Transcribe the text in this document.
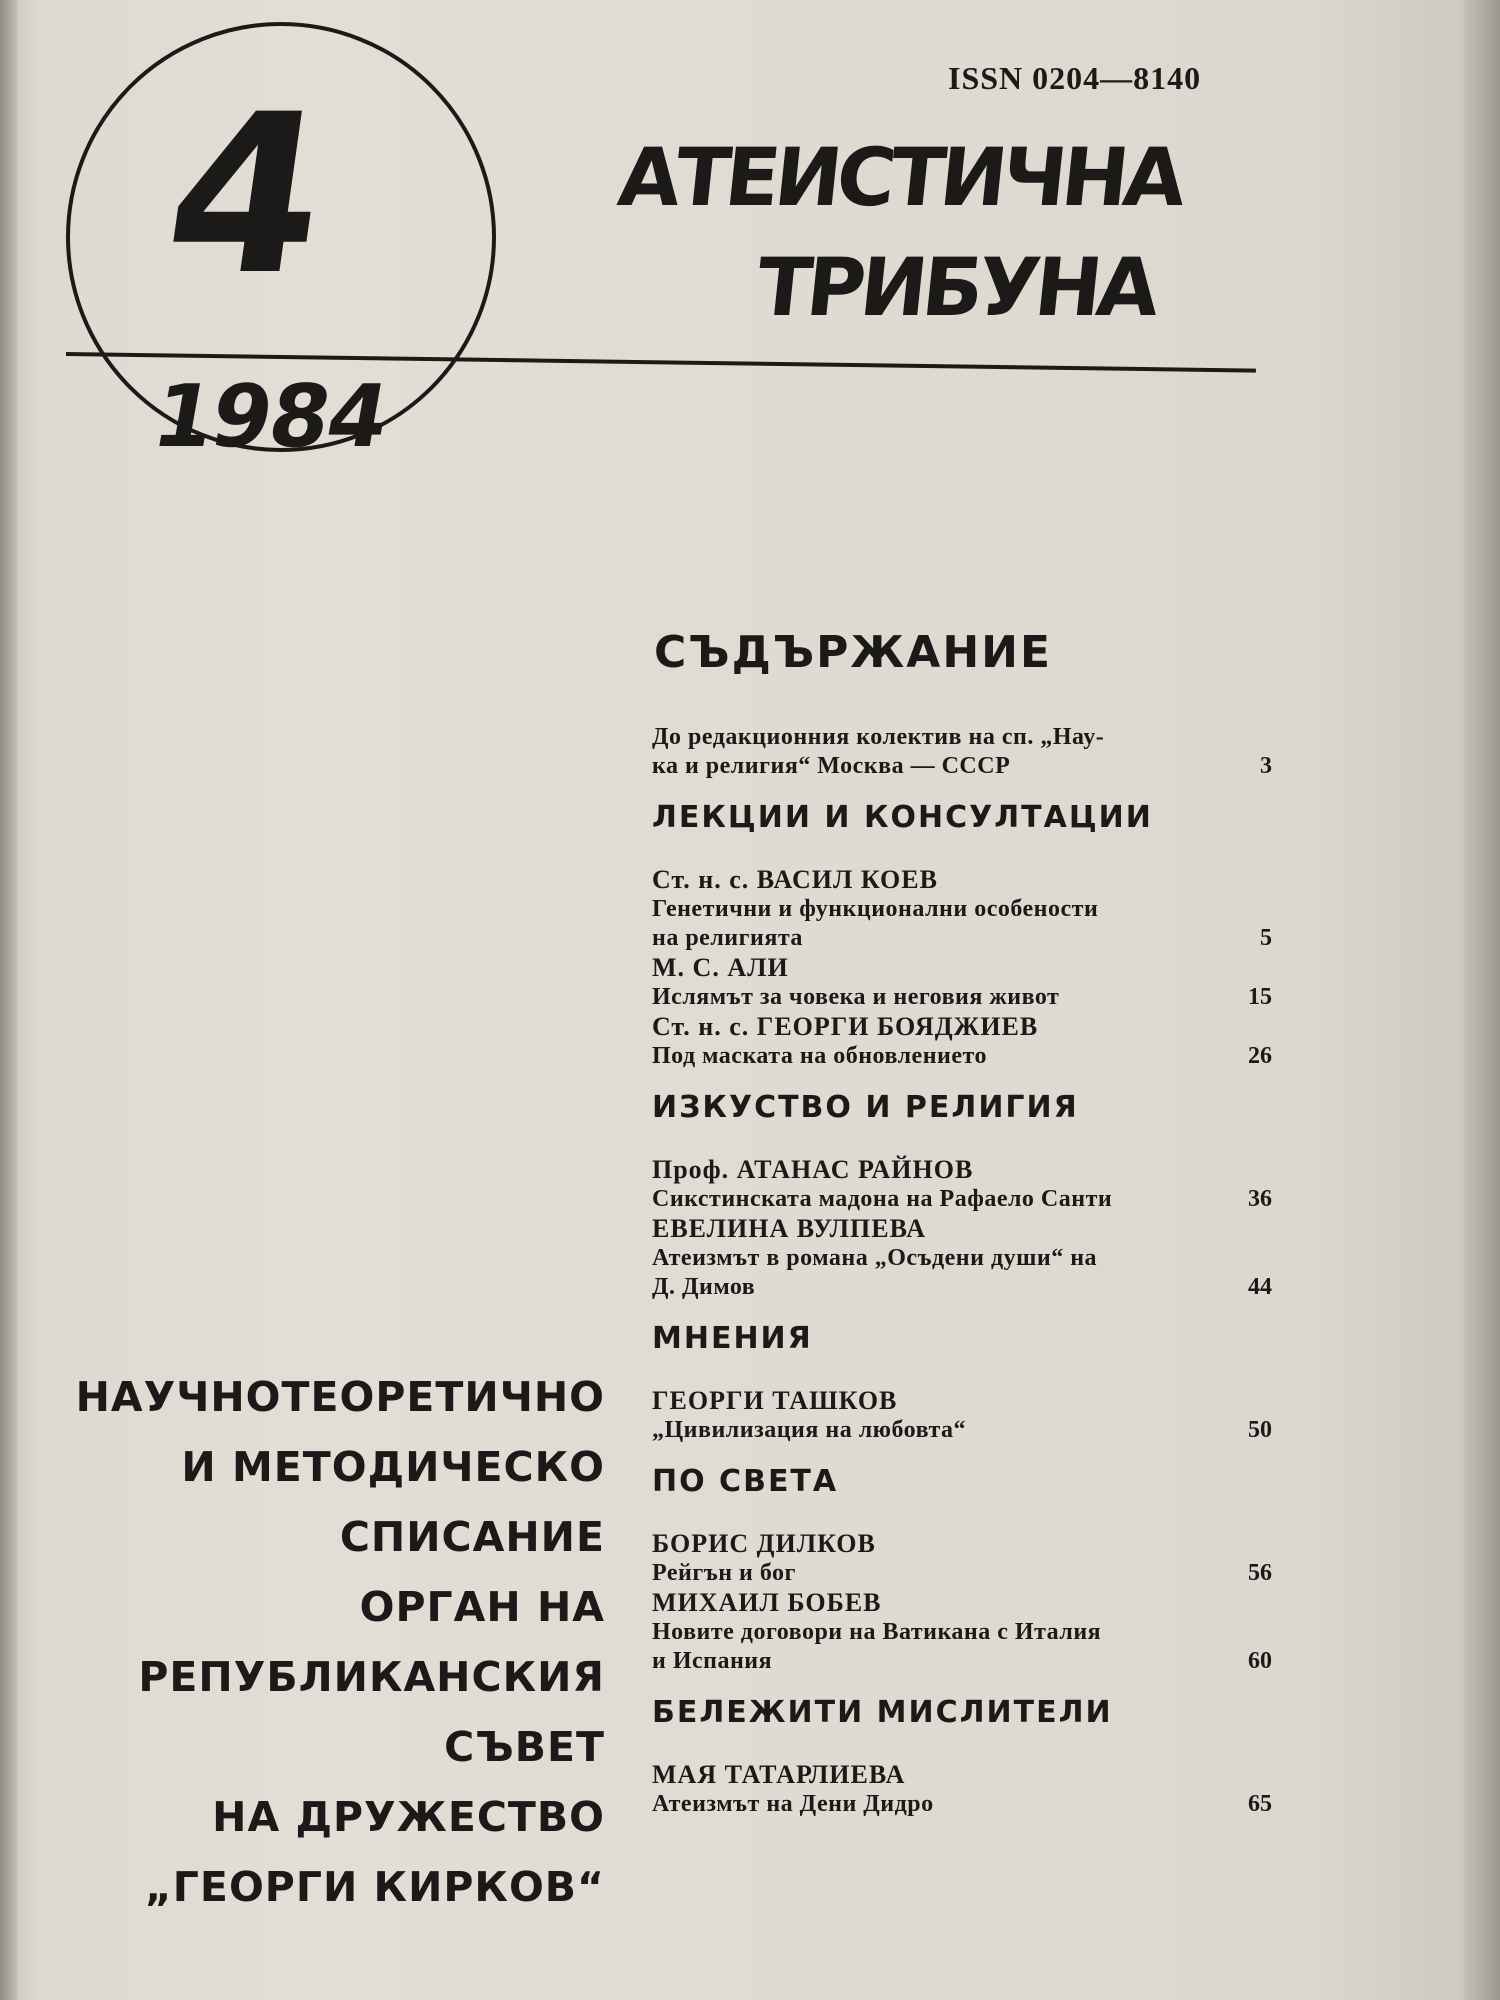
4
1984
ISSN 0204—8140
АТЕИСТИЧНА
ТРИБУНА
НАУЧНОТЕОРЕТИЧНО
И МЕТОДИЧЕСКО
СПИСАНИЕ
ОРГАН НА
РЕПУБЛИКАНСКИЯ
СЪВЕТ
НА ДРУЖЕСТВО
„ГЕОРГИ КИРКОВ“
СЪДЪРЖАНИЕ
До редакционния колектив на сп. „Нау-
ка и религия“ Москва — СССР	3
ЛЕКЦИИ И КОНСУЛТАЦИИ
Ст. н. с. ВАСИЛ КОЕВ
Генетични и функционални особености
на религията	5
М. С. АЛИ
Ислямът за човека и неговия живот	15
Ст. н. с. ГЕОРГИ БОЯДЖИЕВ
Под маската на обновлението	26
ИЗКУСТВО И РЕЛИГИЯ
Проф. АТАНАС РАЙНОВ
Сикстинската мадона на Рафаело Санти	36
ЕВЕЛИНА ВУЛПЕВА
Атеизмът в романа „Осъдени души“ на
Д. Димов	44
МНЕНИЯ
ГЕОРГИ ТАШКОВ
„Цивилизация на любовта“	50
ПО СВЕТА
БОРИС ДИЛКОВ
Рейгън и бог	56
МИХАИЛ БОБЕВ
Новите договори на Ватикана с Италия
и Испания	60
БЕЛЕЖИТИ МИСЛИТЕЛИ
МАЯ ТАТАРЛИЕВА
Атеизмът на Дени Дидро	65
